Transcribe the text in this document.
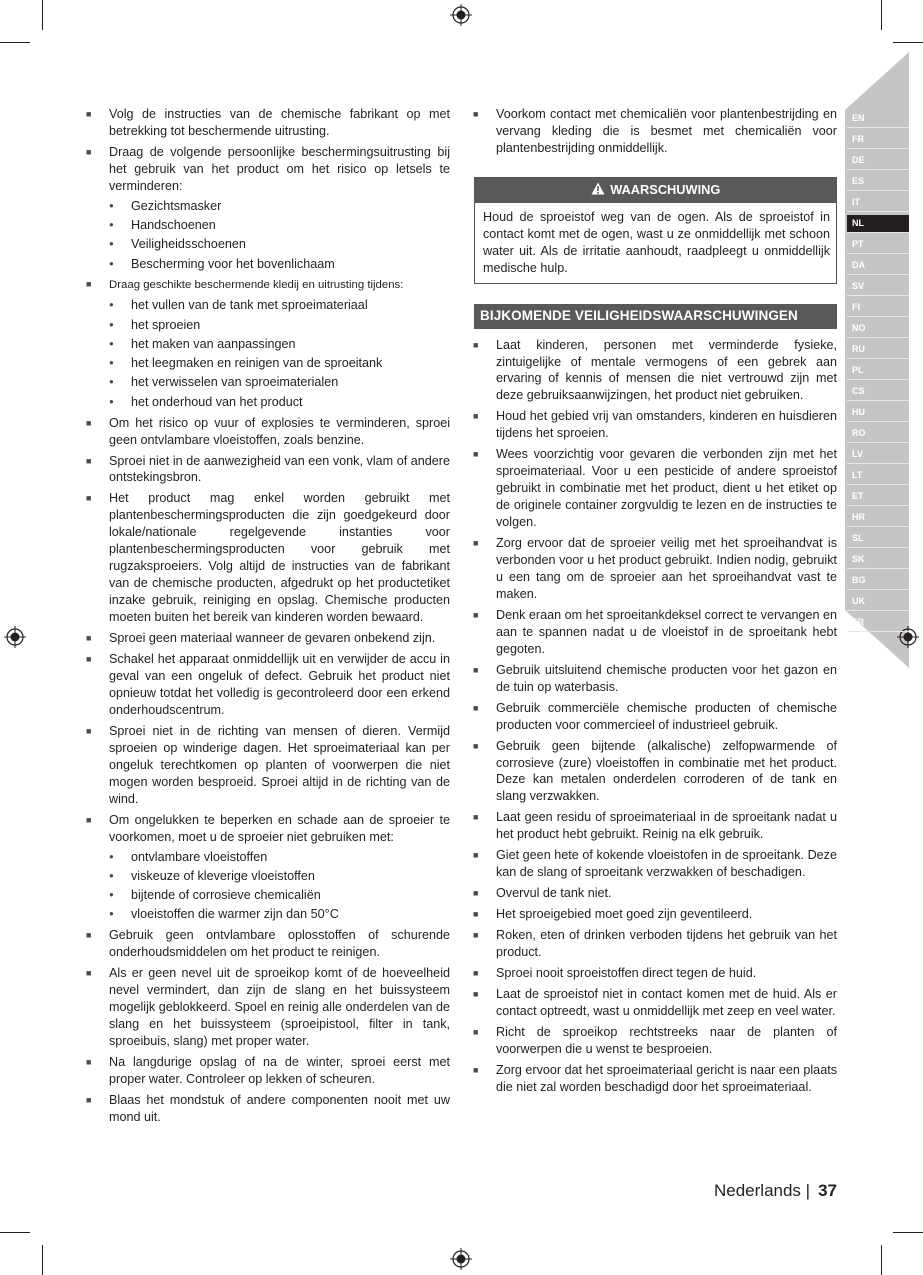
EN
FR
DE
ES
IT
NL
PT
DA
SV
FI
NO
RU
PL
CS
HU
RO
LV
LT
ET
HR
SL
SK
BG
UK
TR
■ Volg de instructies van de chemische fabrikant op met betrekking tot beschermende uitrusting.
■ Draag de volgende persoonlijke beschermingsuitrusting bij het gebruik van het product om het risico op letsels te verminderen:
● Gezichtsmasker
● Handschoenen
● Veiligheidsschoenen
● Bescherming voor het bovenlichaam
■ Draag geschikte beschermende kledij en uitrusting tijdens:
● het vullen van de tank met sproeimateriaal
● het sproeien
● het maken van aanpassingen
● het leegmaken en reinigen van de sproeitank
● het verwisselen van sproeimaterialen
● het onderhoud van het product
■ Om het risico op vuur of explosies te verminderen, sproei geen ontvlambare vloeistoffen, zoals benzine.
■ Sproei niet in de aanwezigheid van een vonk, vlam of andere ontstekingsbron.
■ Het product mag enkel worden gebruikt met plantenbeschermingsproducten die zijn goedgekeurd door lokale/nationale regelgevende instanties voor plantenbeschermingsproducten voor gebruik met rugzaksproeiers. Volg altijd de instructies van de fabrikant van de chemische producten, afgedrukt op het productetiket inzake gebruik, reiniging en opslag. Chemische producten moeten buiten het bereik van kinderen worden bewaard.
■ Sproei geen materiaal wanneer de gevaren onbekend zijn.
■ Schakel het apparaat onmiddellijk uit en verwijder de accu in geval van een ongeluk of defect. Gebruik het product niet opnieuw totdat het volledig is gecontroleerd door een erkend onderhoudscentrum.
■ Sproei niet in de richting van mensen of dieren. Vermijd sproeien op winderige dagen. Het sproeimateriaal kan per ongeluk terechtkomen op planten of voorwerpen die niet mogen worden besproeid. Sproei altijd in de richting van de wind.
■ Om ongelukken te beperken en schade aan de sproeier te voorkomen, moet u de sproeier niet gebruiken met:
● ontvlambare vloeistoffen
● viskeuze of kleverige vloeistoffen
● bijtende of corrosieve chemicaliën
● vloeistoffen die warmer zijn dan 50°C
■ Gebruik geen ontvlambare oplosstoffen of schurende onderhoudsmiddelen om het product te reinigen.
■ Als er geen nevel uit de sproeikop komt of de hoeveelheid nevel vermindert, dan zijn de slang en het buissysteem mogelijk geblokkeerd. Spoel en reinig alle onderdelen van de slang en het buissysteem (sproeipistool, filter in tank, sproeibuis, slang) met proper water.
■ Na langdurige opslag of na de winter, sproei eerst met proper water. Controleer op lekken of scheuren.
■ Blaas het mondstuk of andere componenten nooit met uw mond uit.
■ Voorkom contact met chemicaliën voor plantenbestrijding en vervang kleding die is besmet met chemicaliën voor plantenbestrijding onmiddellijk.
WAARSCHUWING
Houd de sproeistof weg van de ogen. Als de sproeistof in contact komt met de ogen, wast u ze onmiddellijk met schoon water uit. Als de irritatie aanhoudt, raadpleegt u onmiddellijk medische hulp.
BIJKOMENDE VEILIGHEIDSWAARSCHUWINGEN
■ Laat kinderen, personen met verminderde fysieke, zintuigelijke of mentale vermogens of een gebrek aan ervaring of kennis of mensen die niet vertrouwd zijn met deze gebruiksaanwijzingen, het product niet gebruiken.
■ Houd het gebied vrij van omstanders, kinderen en huisdieren tijdens het sproeien.
■ Wees voorzichtig voor gevaren die verbonden zijn met het sproeimateriaal. Voor u een pesticide of andere sproeistof gebruikt in combinatie met het product, dient u het etiket op de originele container zorgvuldig te lezen en de instructies te volgen.
■ Zorg ervoor dat de sproeier veilig met het sproeihandvat is verbonden voor u het product gebruikt. Indien nodig, gebruikt u een tang om de sproeier aan het sproeihandvat vast te maken.
■ Denk eraan om het sproeitankdeksel correct te vervangen en aan te spannen nadat u de vloeistof in de sproeitank hebt gegoten.
■ Gebruik uitsluitend chemische producten voor het gazon en de tuin op waterbasis.
■ Gebruik commerciële chemische producten of chemische producten voor commercieel of industrieel gebruik.
■ Gebruik geen bijtende (alkalische) zelfopwarmende of corrosieve (zure) vloeistoffen in combinatie met het product. Deze kan metalen onderdelen corroderen of de tank en slang verzwakken.
■ Laat geen residu of sproeimateriaal in de sproeitank nadat u het product hebt gebruikt. Reinig na elk gebruik.
■ Giet geen hete of kokende vloeistofen in de sproeitank. Deze kan de slang of sproeitank verzwakken of beschadigen.
■ Overvul de tank niet.
■ Het sproeigebied moet goed zijn geventileerd.
■ Roken, eten of drinken verboden tijdens het gebruik van het product.
■ Sproei nooit sproeistoffen direct tegen de huid.
■ Laat de sproeistof niet in contact komen met de huid. Als er contact optreedt, wast u onmiddellijk met zeep en veel water.
■ Richt de sproeikop rechtstreeks naar de planten of voorwerpen die u wenst te besproeien.
■ Zorg ervoor dat het sproeimateriaal gericht is naar een plaats die niet zal worden beschadigd door het sproeimateriaal.
Nederlands | 37
